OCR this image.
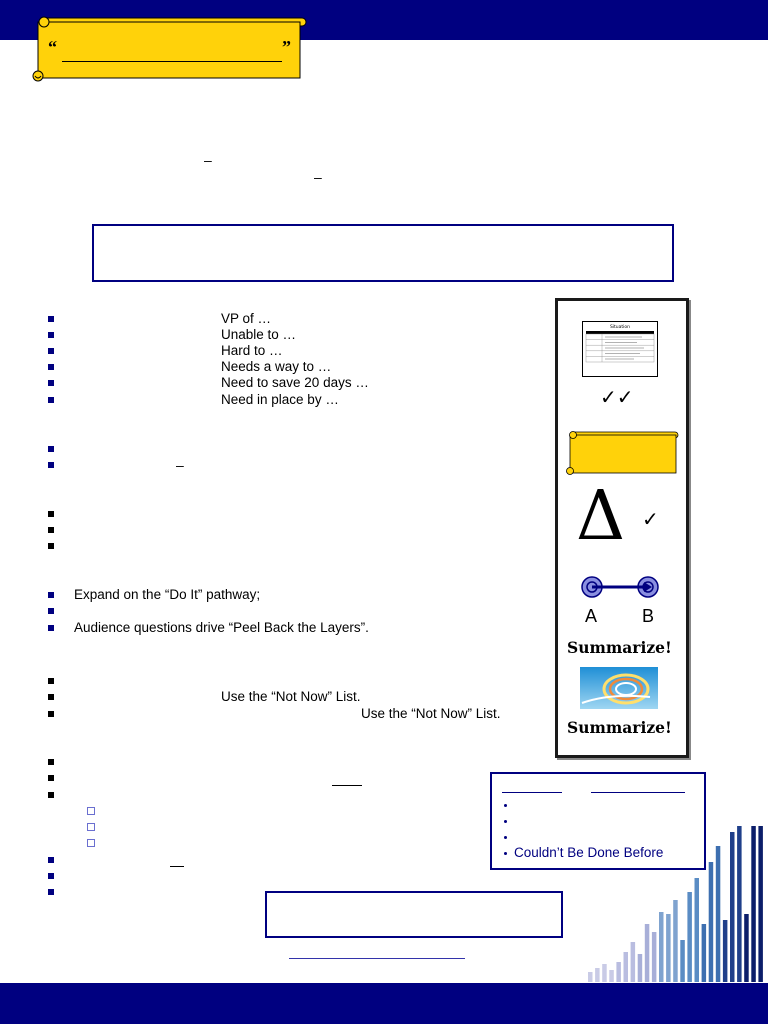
“	”
–
–
VP of …
Unable to …
Hard to …
Needs a way to …
Need to save 20 days …
Need in place by …
–
Expand on the “Do It” pathway;
Audience questions drive “Peel Back the Layers”.
Use the “Not Now” List.
Use the “Not Now” List.
Situation
✓✓
Δ ✓
A B
Summarize!
Summarize!
Couldn’t Be Done Before
